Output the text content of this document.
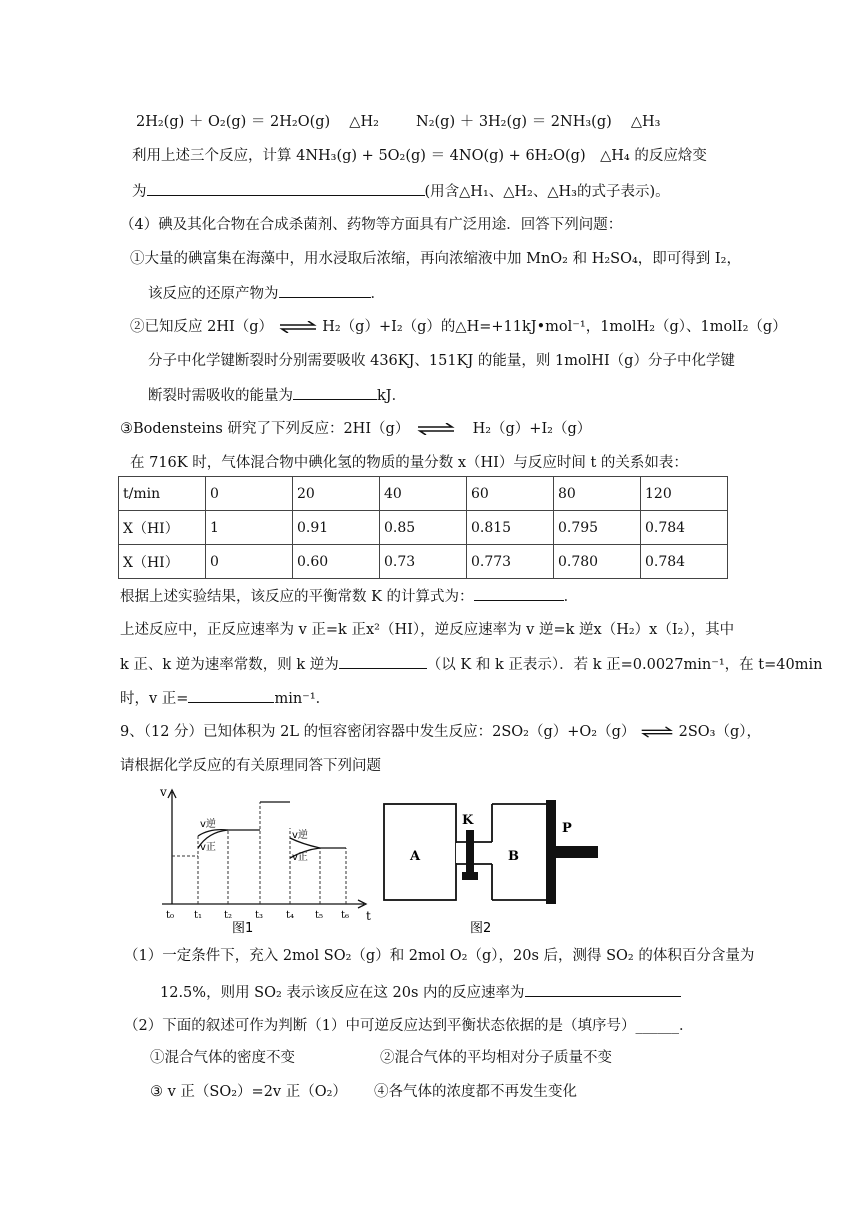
2H₂(g) ＋ O₂(g) ＝ 2H₂O(g)　 △H₂	N₂(g) ＋ 3H₂(g) ＝ 2NH₃(g)　 △H₃
利用上述三个反应，计算 4NH₃(g) + 5O₂(g) ＝ 4NO(g) + 6H₂O(g)　△H₄ 的反应焓变
为	(用含△H₁、△H₂、△H₃的式子表示)。
（4）碘及其化合物在合成杀菌剂、药物等方面具有广泛用途．回答下列问题：
①大量的碘富集在海藻中，用水浸取后浓缩，再向浓缩液中加 MnO₂ 和 H₂SO₄，即可得到 I₂，
该反应的还原产物为	．
②已知反应 2HI（g） ⇌ H₂（g）+I₂（g）的△H=+11kJ•mol⁻¹，1molH₂（g）、1molI₂（g）
分子中化学键断裂时分别需要吸收 436KJ、151KJ 的能量，则 1molHI（g）分子中化学键
断裂时需吸收的能量为	kJ．
③Bodensteins 研究了下列反应：2HI（g） ⇌ H₂（g）+I₂（g）
在 716K 时，气体混合物中碘化氢的物质的量分数 x（HI）与反应时间 t 的关系如表：
t/min	0	20	40	60	80	120
X（HI）	1	0.91	0.85	0.815	0.795	0.784
X（HI）	0	0.60	0.73	0.773	0.780	0.784
根据上述实验结果，该反应的平衡常数 K 的计算式为：	．
上述反应中，正反应速率为 v 正=k 正x²（HI），逆反应速率为 v 逆=k 逆x（H₂）x（I₂），其中
k 正、k 逆为速率常数，则 k 逆为	（以 K 和 k 正表示）．若 k 正=0.0027min⁻¹，在 t=40min
时，v 正=	min⁻¹．
9、（12 分）已知体积为 2L 的恒容密闭容器中发生反应：2SO₂（g）+O₂（g） ⇌ 2SO₃（g），
请根据化学反应的有关原理同答下列问题
v
t
v逆
v正
v逆
v正
t₀ t₁ t₂ t₃ t₄ t₅ t₆
图1
A
K
B
P
图2
（1）一定条件下，充入 2mol SO₂（g）和 2mol O₂（g），20s 后，测得 SO₂ 的体积百分含量为
12.5%，则用 SO₂ 表示该反应在这 20s 内的反应速率为
（2）下面的叙述可作为判断（1）中可逆反应达到平衡状态依据的是（填序号）______．
①混合气体的密度不变	②混合气体的平均相对分子质量不变
③ v 正（SO₂）=2v 正（O₂） ④各气体的浓度都不再发生变化
